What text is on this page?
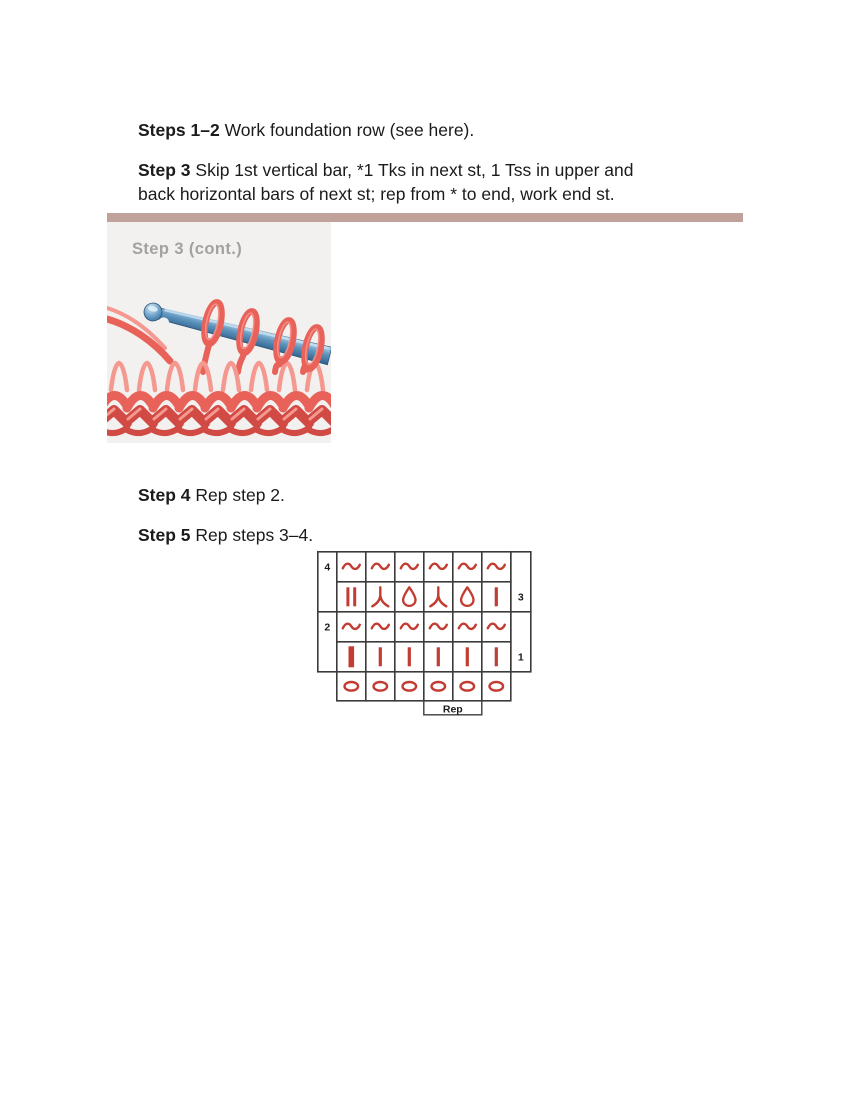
Steps 1–2 Work foundation row (see here).

Step 3 Skip 1st vertical bar, *1 Tks in next st, 1 Tss in upper and
back horizontal bars of next st; rep from * to end, work end st.

Step 3 (cont.)

Step 4 Rep step 2.

Step 5 Rep steps 3–4.

4
3
2
1
Rep
